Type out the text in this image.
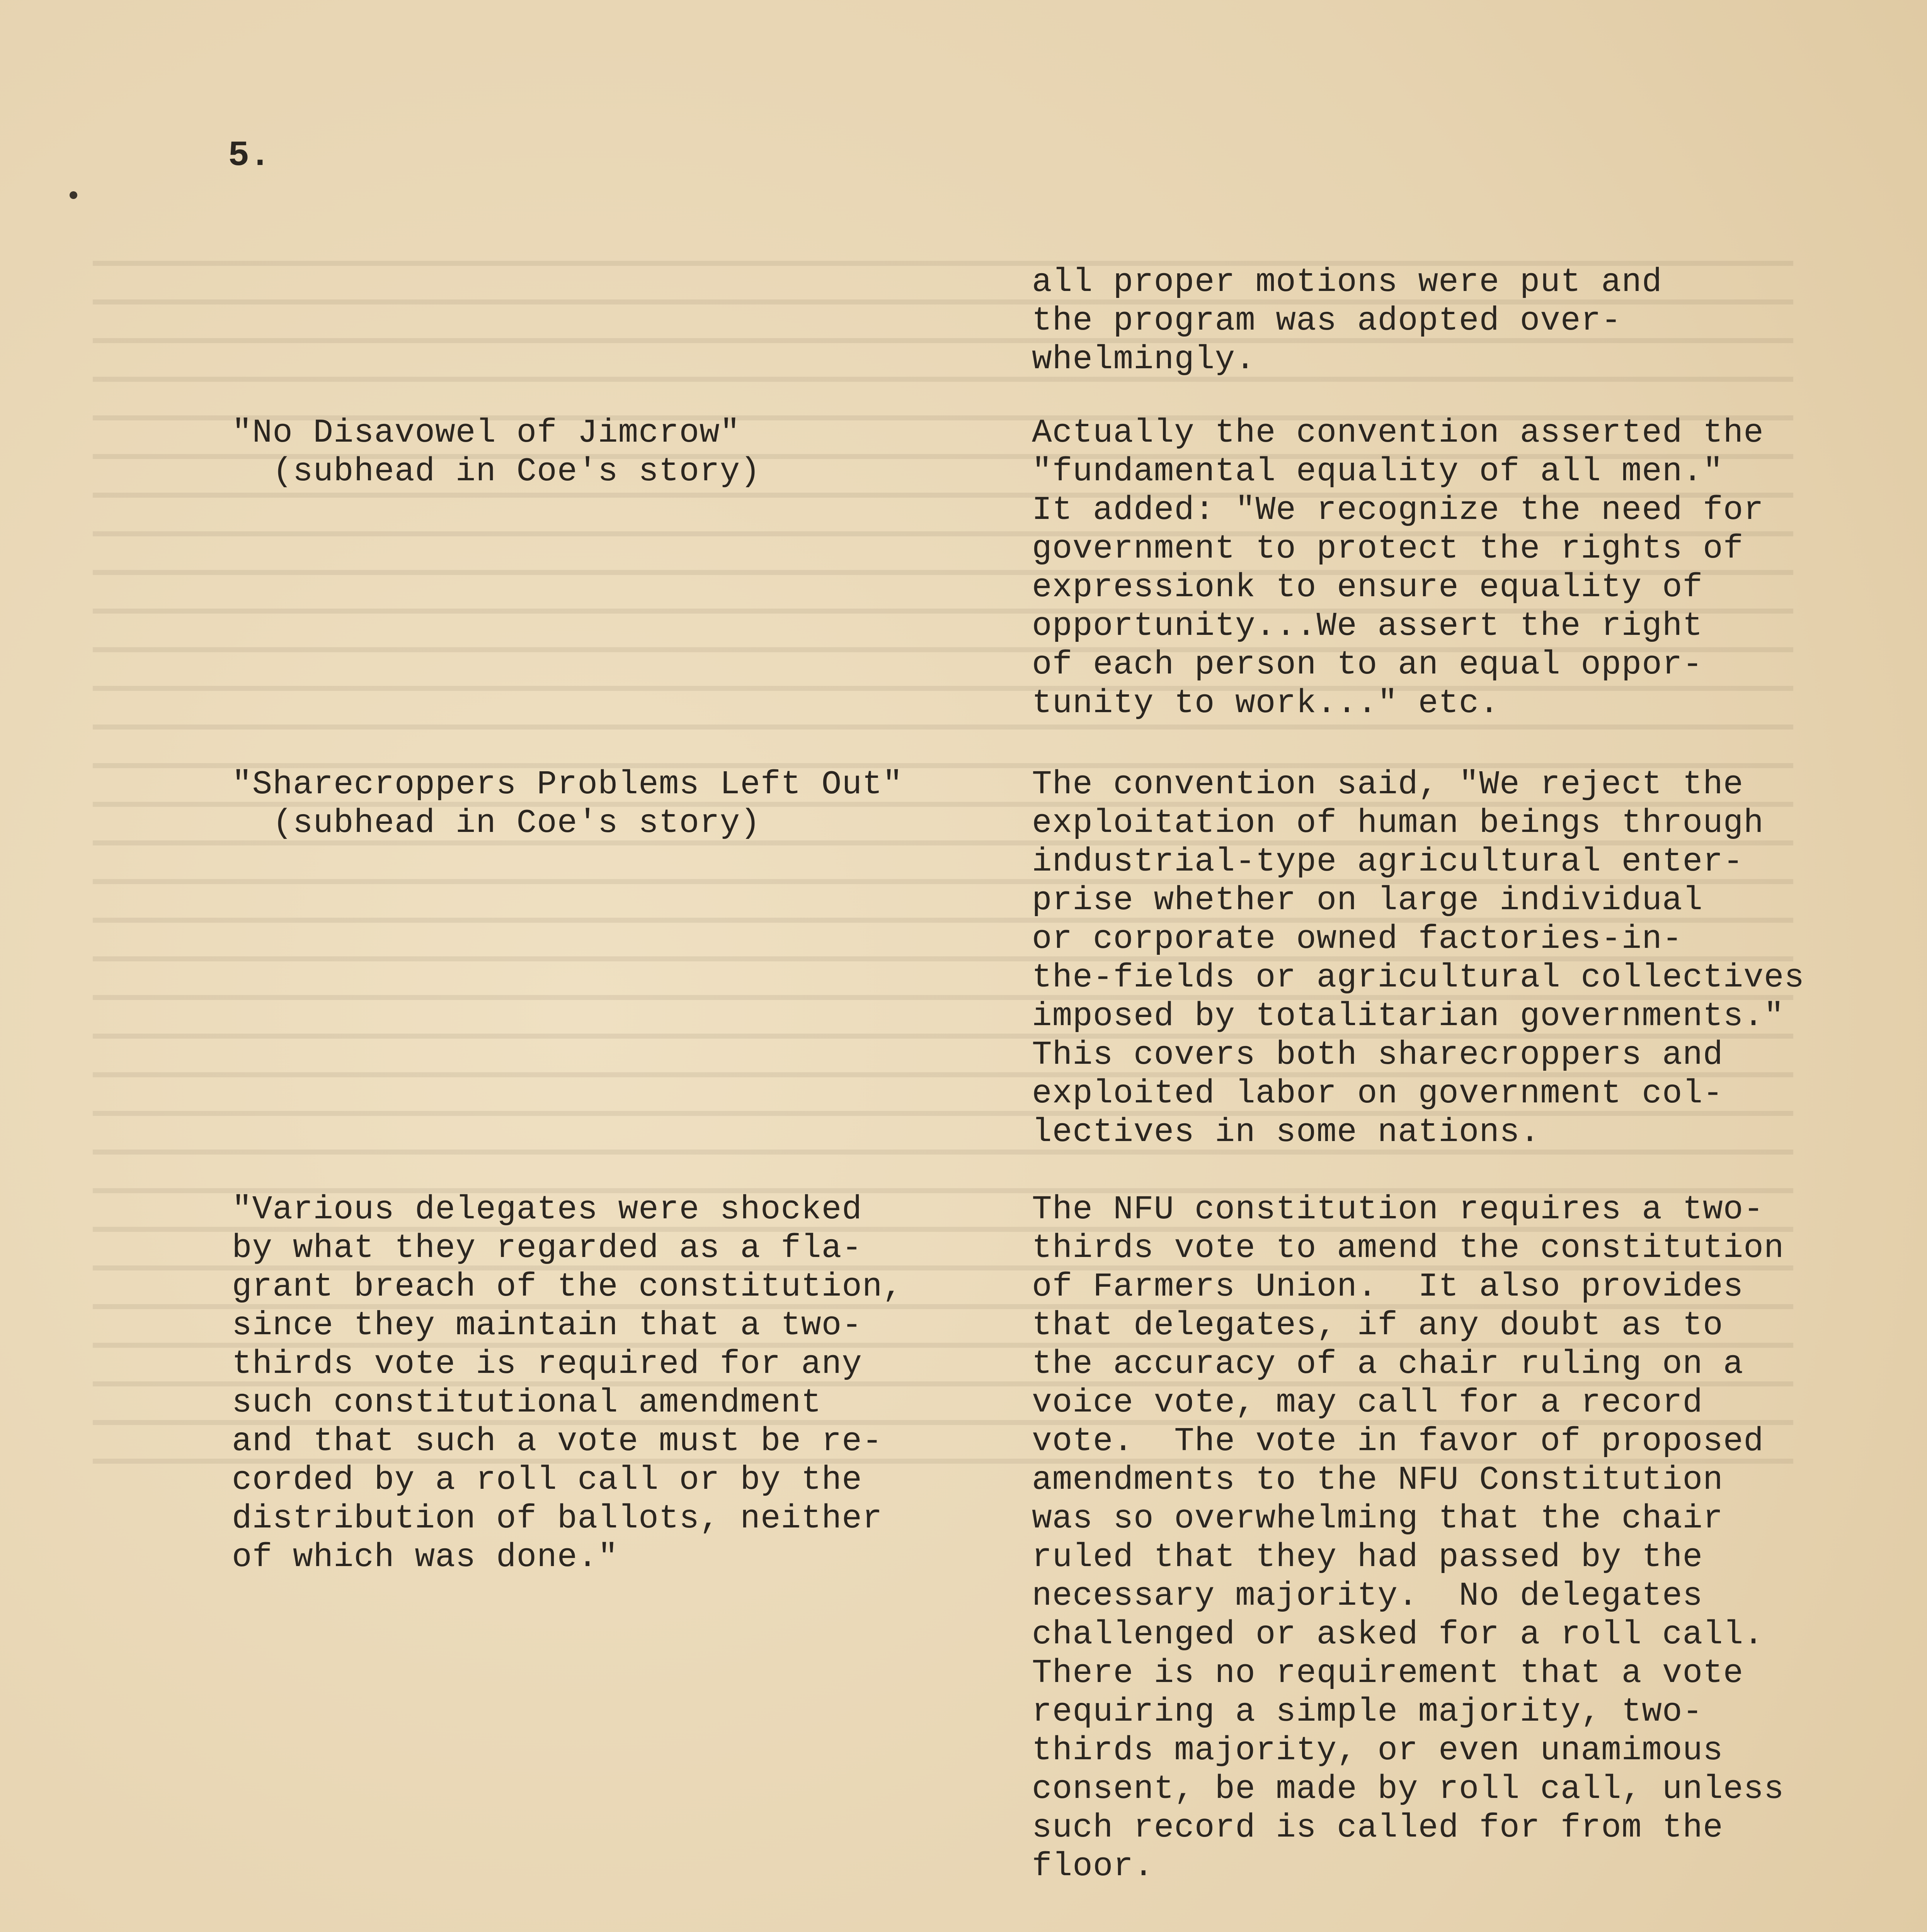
5.
all proper motions were put and
the program was adopted over-
whelmingly.
"No Disavowel of Jimcrow"
(subhead in Coe's story)
Actually the convention asserted the
"fundamental equality of all men."
It added: "We recognize the need for
government to protect the rights of
expressionk to ensure equality of
opportunity...We assert the right
of each person to an equal oppor-
tunity to work..." etc.
"Sharecroppers Problems Left Out"
(subhead in Coe's story)
The convention said, "We reject the
exploitation of human beings through
industrial-type agricultural enter-
prise whether on large individual
or corporate owned factories-in-
the-fields or agricultural collectives
imposed by totalitarian governments."
This covers both sharecroppers and
exploited labor on government col-
lectives in some nations.
"Various delegates were shocked
by what they regarded as a fla-
grant breach of the constitution,
since they maintain that a two-
thirds vote is required for any
such constitutional amendment
and that such a vote must be re-
corded by a roll call or by the
distribution of ballots, neither
of which was done."
The NFU constitution requires a two-
thirds vote to amend the constitution
of Farmers Union.  It also provides
that delegates, if any doubt as to
the accuracy of a chair ruling on a
voice vote, may call for a record
vote.  The vote in favor of proposed
amendments to the NFU Constitution
was so overwhelming that the chair
ruled that they had passed by the
necessary majority.  No delegates
challenged or asked for a roll call.
There is no requirement that a vote
requiring a simple majority, two-
thirds majority, or even unamimous
consent, be made by roll call, unless
such record is called for from the
floor.
